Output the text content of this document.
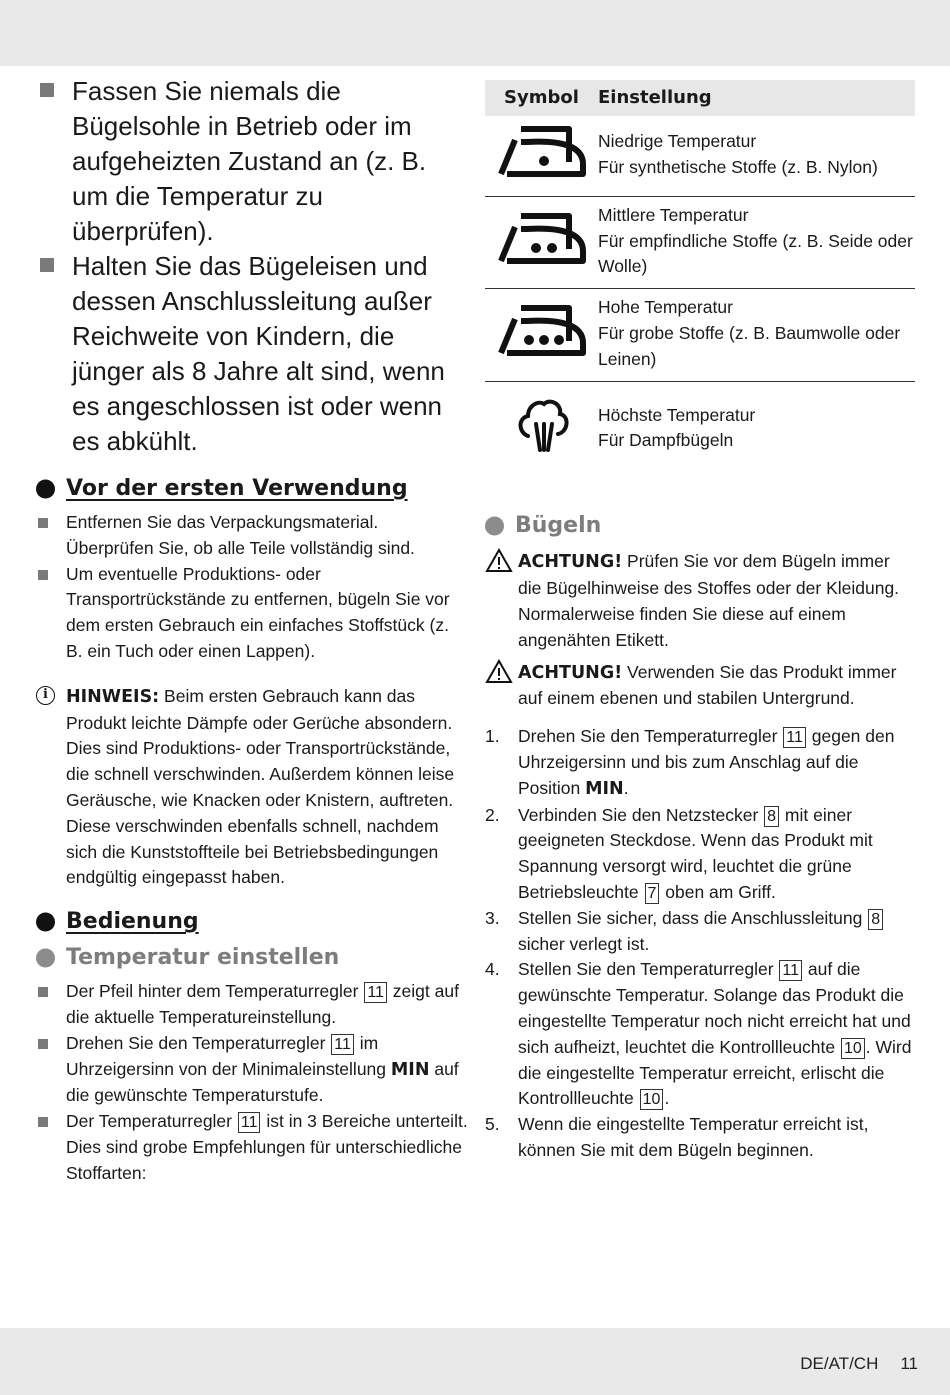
Fassen Sie niemals die Bügelsohle in Betrieb oder im aufgeheizten Zustand an (z. B. um die Temperatur zu überprüfen).

Halten Sie das Bügeleisen und dessen Anschlussleitung außer Reichweite von Kindern, die jünger als 8 Jahre alt sind, wenn es angeschlossen ist oder wenn es abkühlt.

Vor der ersten Verwendung

Entfernen Sie das Verpackungsmaterial. Überprüfen Sie, ob alle Teile vollständig sind.

Um eventuelle Produktions- oder Transportrückstände zu entfernen, bügeln Sie vor dem ersten Gebrauch ein einfaches Stoffstück (z. B. ein Tuch oder einen Lappen).

i	HINWEIS: Beim ersten Gebrauch kann das Produkt leichte Dämpfe oder Gerüche absondern. Dies sind Produktions- oder Transportrückstände, die schnell verschwinden. Außerdem können leise Geräusche, wie Knacken oder Knistern, auftreten. Diese verschwinden ebenfalls schnell, nachdem sich die Kunststoffteile bei Betriebsbedingungen endgültig eingepasst haben.

Bedienung

Temperatur einstellen

Der Pfeil hinter dem Temperaturregler 11 zeigt auf die aktuelle Temperatureinstellung.

Drehen Sie den Temperaturregler 11 im Uhrzeigersinn von der Minimaleinstellung MIN auf die gewünschte Temperaturstufe.

Der Temperaturregler 11 ist in 3 Bereiche unterteilt. Dies sind grobe Empfehlungen für unterschiedliche Stoffarten:

Symbol	Einstellung

Niedrige Temperatur
Für synthetische Stoffe (z. B. Nylon)

Mittlere Temperatur
Für empfindliche Stoffe (z. B. Seide oder Wolle)

Hohe Temperatur
Für grobe Stoffe (z. B. Baumwolle oder Leinen)

Höchste Temperatur
Für Dampfbügeln

Bügeln

ACHTUNG! Prüfen Sie vor dem Bügeln immer die Bügelhinweise des Stoffes oder der Kleidung. Normalerweise finden Sie diese auf einem angenähten Etikett.
ACHTUNG! Verwenden Sie das Produkt immer auf einem ebenen und stabilen Untergrund.
1. Drehen Sie den Temperaturregler 11 gegen den Uhrzeigersinn und bis zum Anschlag auf die Position MIN.
2. Verbinden Sie den Netzstecker 8 mit einer geeigneten Steckdose. Wenn das Produkt mit Spannung versorgt wird, leuchtet die grüne Betriebsleuchte 7 oben am Griff.
3. Stellen Sie sicher, dass die Anschlussleitung 8 sicher verlegt ist.
4. Stellen Sie den Temperaturregler 11 auf die gewünschte Temperatur. Solange das Produkt die eingestellte Temperatur noch nicht erreicht hat und sich aufheizt, leuchtet die Kontrollleuchte 10 . Wird die eingestellte Temperatur erreicht, erlischt die Kontrollleuchte 10 .
5. Wenn die eingestellte Temperatur erreicht ist, können Sie mit dem Bügeln beginnen.
DE/AT/CH 11
